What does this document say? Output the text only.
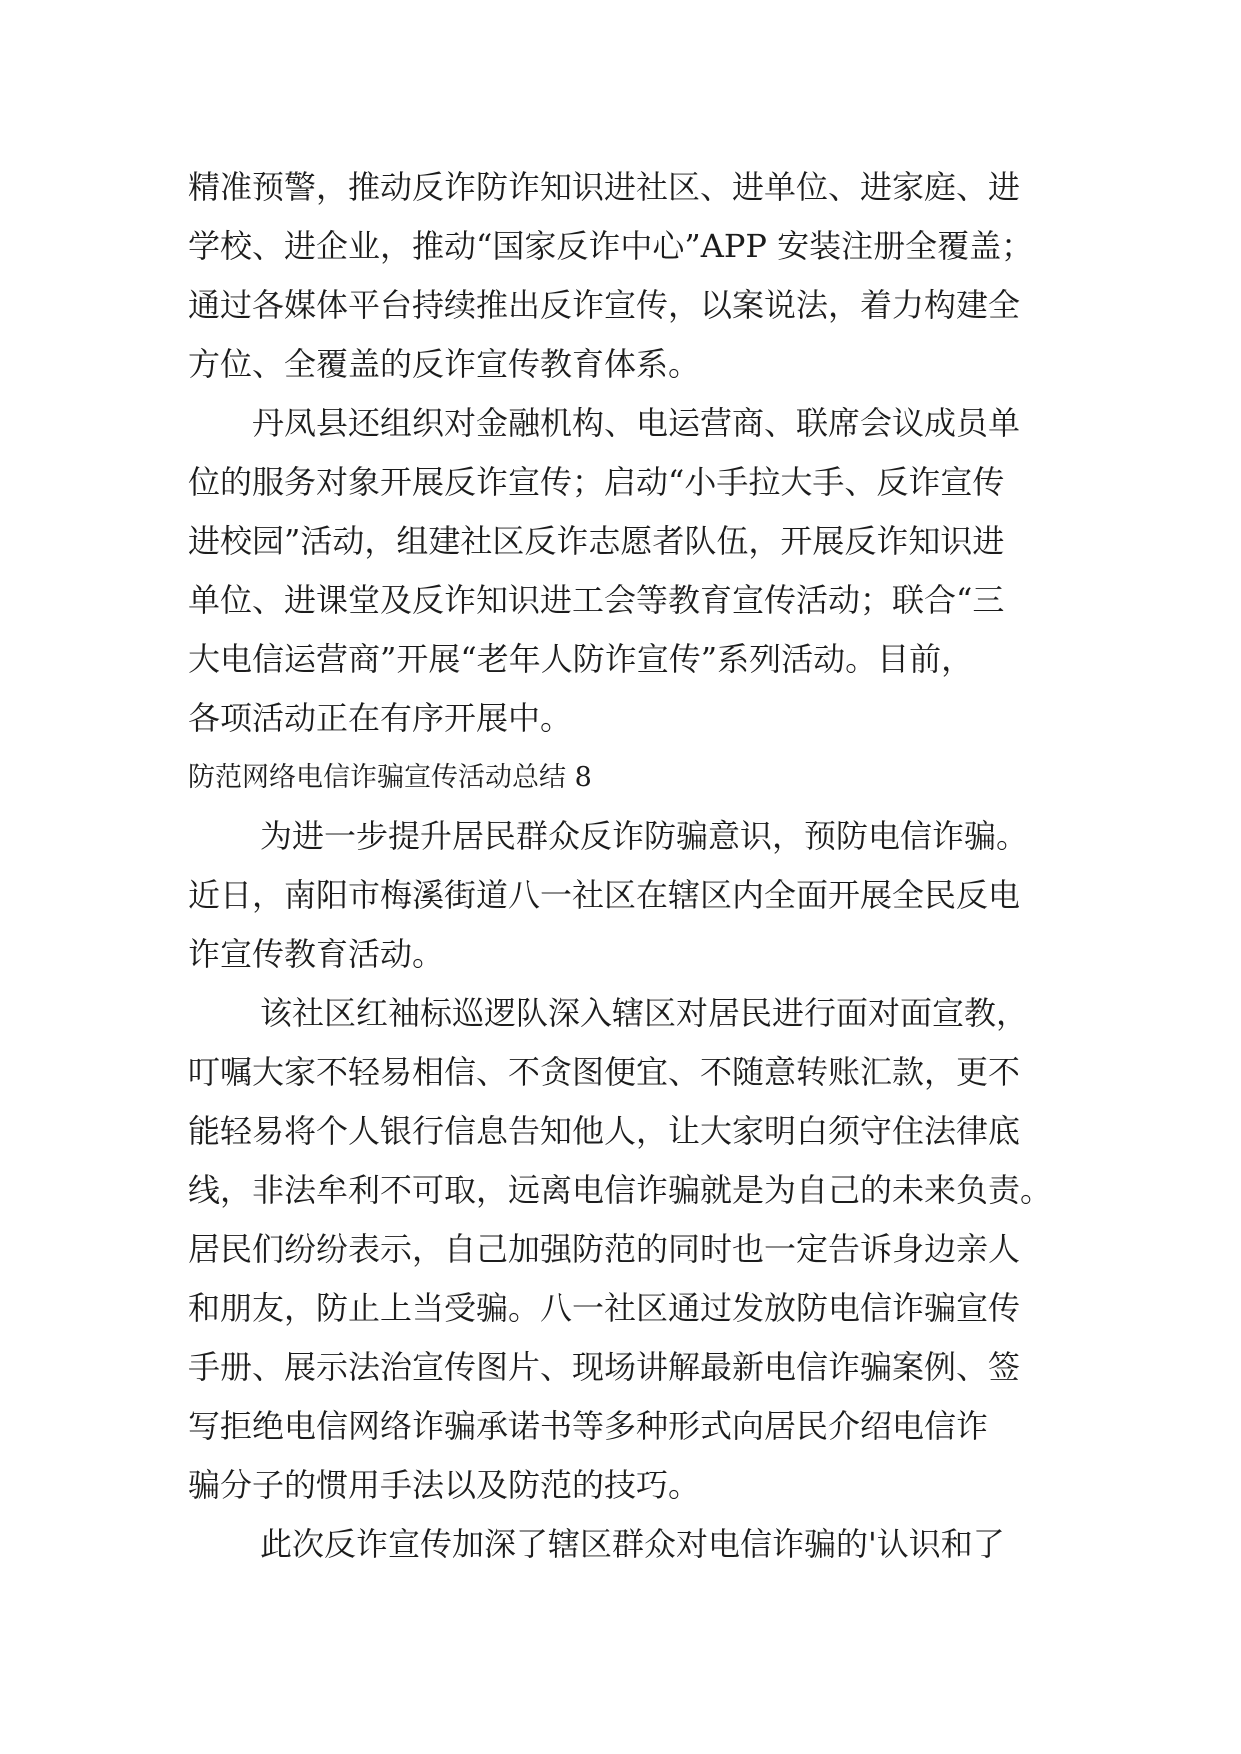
精准预警，推动反诈防诈知识进社区、进单位、进家庭、进
学校、进企业，推动“国家反诈中心”APP 安装注册全覆盖；
通过各媒体平台持续推出反诈宣传，以案说法，着力构建全
方位、全覆盖的反诈宣传教育体系。
丹凤县还组织对金融机构、电运营商、联席会议成员单
位的服务对象开展反诈宣传；启动“小手拉大手、反诈宣传
进校园”活动，组建社区反诈志愿者队伍，开展反诈知识进
单位、进课堂及反诈知识进工会等教育宣传活动；联合“三
大电信运营商”开展“老年人防诈宣传”系列活动。目前，
各项活动正在有序开展中。
防范网络电信诈骗宣传活动总结 8
为进一步提升居民群众反诈防骗意识，预防电信诈骗。
近日，南阳市梅溪街道八一社区在辖区内全面开展全民反电
诈宣传教育活动。
该社区红袖标巡逻队深入辖区对居民进行面对面宣教，
叮嘱大家不轻易相信、不贪图便宜、不随意转账汇款，更不
能轻易将个人银行信息告知他人，让大家明白须守住法律底
线，非法牟利不可取，远离电信诈骗就是为自己的未来负责。
居民们纷纷表示，自己加强防范的同时也一定告诉身边亲人
和朋友，防止上当受骗。八一社区通过发放防电信诈骗宣传
手册、展示法治宣传图片、现场讲解最新电信诈骗案例、签
写拒绝电信网络诈骗承诺书等多种形式向居民介绍电信诈
骗分子的惯用手法以及防范的技巧。
此次反诈宣传加深了辖区群众对电信诈骗的'认识和了
